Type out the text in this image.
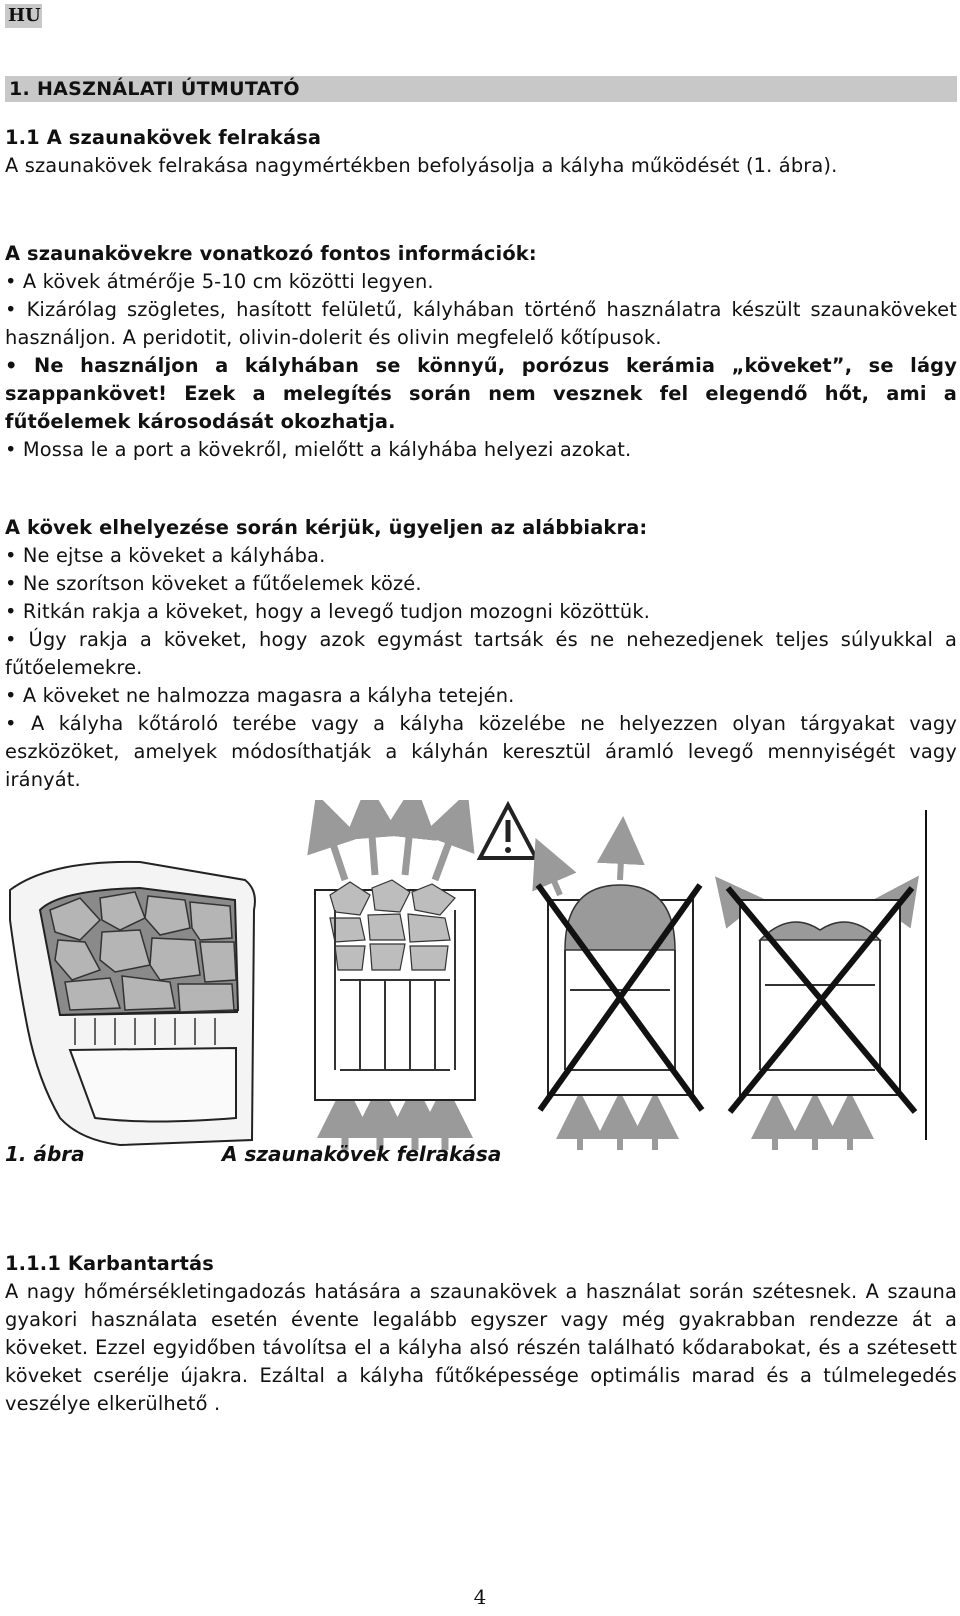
HU
1. HASZNÁLATI ÚTMUTATÓ

1.1 A szaunakövek felrakása

A szaunakövek felrakása nagymértékben befolyásolja a kályha működését (1. ábra).

A szaunakövekre vonatkozó fontos információk:

• A kövek átmérője 5-10 cm közötti legyen.

• Kizárólag szögletes, hasított felületű, kályhában történő használatra készült szaunaköveket használjon. A peridotit, olivin-dolerit és olivin megfelelő kőtípusok.

• Ne használjon a kályhában se könnyű, porózus kerámia „köveket”, se lágy szappankövet! Ezek a melegítés során nem vesznek fel elegendő hőt, ami a fűtőelemek károsodását okozhatja.

• Mossa le a port a kövekről, mielőtt a kályhába helyezi azokat.

A kövek elhelyezése során kérjük, ügyeljen az alábbiakra:

• Ne ejtse a köveket a kályhába.

• Ne szorítson köveket a fűtőelemek közé.

• Ritkán rakja a köveket, hogy a levegő tudjon mozogni közöttük.

• Úgy rakja a köveket, hogy azok egymást tartsák és ne nehezedjenek teljes súlyukkal a fűtőelemekre.

• A köveket ne halmozza magasra a kályha tetején.

• A kályha kőtároló terébe vagy a kályha közelébe ne helyezzen olyan tárgyakat vagy eszközöket, amelyek módosíthatják a kályhán keresztül áramló levegő mennyiségét vagy irányát.

1. ábra	A szaunakövek felrakása

1.1.1 Karbantartás

A nagy hőmérsékletingadozás hatására a szaunakövek a használat során szétesnek. A szauna gyakori használata esetén évente legalább egyszer vagy még gyakrabban rendezze át a köveket. Ezzel egyidőben távolítsa el a kályha alsó részén található kődarabokat, és a szétesett köveket cserélje újakra. Ezáltal a kályha fűtőképessége optimális marad és a túlmelegedés veszélye elkerülhető .

4
